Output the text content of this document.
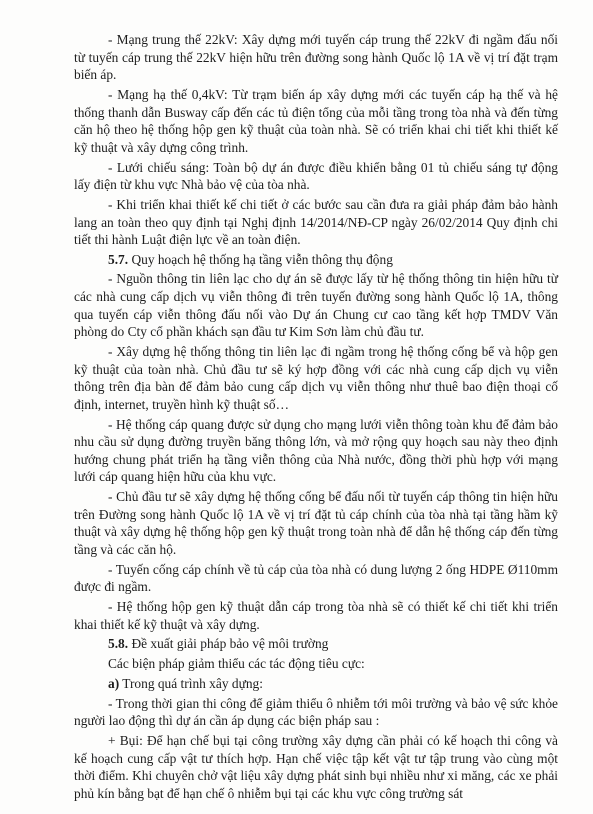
- Mạng trung thế 22kV: Xây dựng mới tuyến cáp trung thế 22kV đi ngầm đấu nối từ tuyến cáp trung thế 22kV hiện hữu trên đường song hành Quốc lộ 1A về vị trí đặt trạm biến áp.

- Mạng hạ thế 0,4kV: Từ trạm biến áp xây dựng mới các tuyến cáp hạ thế và hệ thống thanh dẫn Busway cấp đến các tủ điện tổng của mỗi tầng trong tòa nhà và đến từng căn hộ theo hệ thống hộp gen kỹ thuật của toàn nhà. Sẽ có triển khai chi tiết khi thiết kế kỹ thuật và xây dựng công trình.

- Lưới chiếu sáng: Toàn bộ dự án được điều khiển bằng 01 tủ chiếu sáng tự động lấy điện từ khu vực Nhà bảo vệ của tòa nhà.

- Khi triển khai thiết kế chi tiết ở các bước sau cần đưa ra giải pháp đảm bảo hành lang an toàn theo quy định tại Nghị định 14/2014/NĐ-CP ngày 26/02/2014 Quy định chi tiết thi hành Luật điện lực về an toàn điện.

5.7. Quy hoạch hệ thống hạ tầng viễn thông thụ động

- Nguồn thông tin liên lạc cho dự án sẽ được lấy từ hệ thống thông tin hiện hữu từ các nhà cung cấp dịch vụ viễn thông đi trên tuyến đường song hành Quốc lộ 1A, thông qua tuyến cáp viễn thông đấu nối vào Dự án Chung cư cao tầng kết hợp TMDV Văn phòng do Cty cổ phần khách sạn đầu tư Kim Sơn làm chủ đầu tư.

- Xây dựng hệ thống thông tin liên lạc đi ngầm trong hệ thống cống bể và hộp gen kỹ thuật của toàn nhà. Chủ đầu tư sẽ ký hợp đồng với các nhà cung cấp dịch vụ viễn thông trên địa bàn để đảm bảo cung cấp dịch vụ viễn thông như thuê bao điện thoại cố định, internet, truyền hình kỹ thuật số…

- Hệ thống cáp quang được sử dụng cho mạng lưới viễn thông toàn khu để đảm bảo nhu cầu sử dụng đường truyền băng thông lớn, và mở rộng quy hoạch sau này theo định hướng chung phát triển hạ tầng viễn thông của Nhà nước, đồng thời phù hợp với mạng lưới cáp quang hiện hữu của khu vực.

- Chủ đầu tư sẽ xây dựng hệ thống cống bể đấu nối từ tuyến cáp thông tin hiện hữu trên Đường song hành Quốc lộ 1A về vị trí đặt tủ cáp chính của tòa nhà tại tầng hầm kỹ thuật và xây dựng hệ thống hộp gen kỹ thuật trong toàn nhà để dẫn hệ thống cáp đến từng tầng và các căn hộ.

- Tuyến cống cáp chính về tủ cáp của tòa nhà có dung lượng 2 ống HDPE Ø110mm được đi ngầm.

- Hệ thống hộp gen kỹ thuật dẫn cáp trong tòa nhà sẽ có thiết kế chi tiết khi triển khai thiết kế kỹ thuật và xây dựng.

5.8. Đề xuất giải pháp bảo vệ môi trường

Các biện pháp giảm thiểu các tác động tiêu cực:

a) Trong quá trình xây dựng:

- Trong thời gian thi công để giảm thiểu ô nhiễm tới môi trường và bảo vệ sức khỏe người lao động thì dự án cần áp dụng các biện pháp sau :

+ Bụi: Để hạn chế bụi tại công trường xây dựng cần phải có kế hoạch thi công và kế hoạch cung cấp vật tư thích hợp. Hạn chế việc tập kết vật tư tập trung vào cùng một thời điểm. Khi chuyên chở vật liệu xây dựng phát sinh bụi nhiều như xi măng, các xe phải phủ kín bằng bạt để hạn chế ô nhiễm bụi tại các khu vực công trường sát
